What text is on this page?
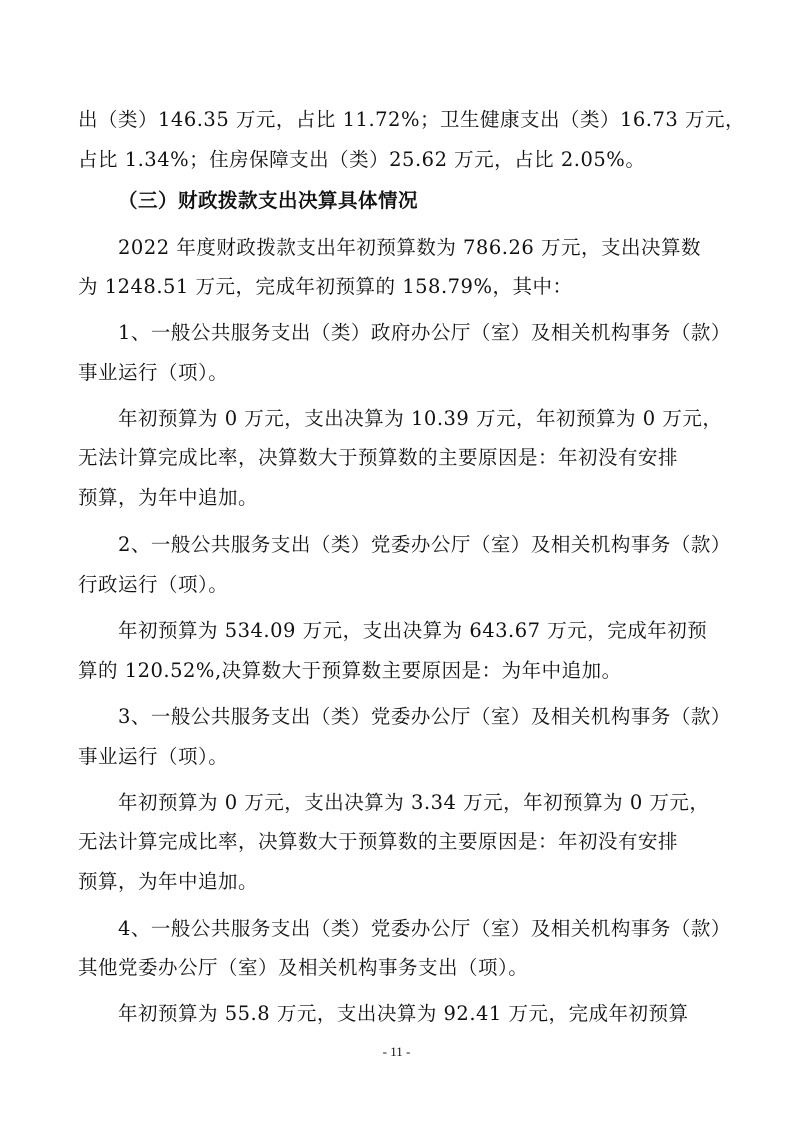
出（类）146.35 万元，占比 11.72%；卫生健康支出（类）16.73 万元，
占比 1.34%；住房保障支出（类）25.62 万元，占比 2.05%。
（三）财政拨款支出决算具体情况
2022 年度财政拨款支出年初预算数为 786.26 万元，支出决算数
为 1248.51 万元，完成年初预算的 158.79%，其中：
1、一般公共服务支出（类）政府办公厅（室）及相关机构事务（款）
事业运行（项）。
年初预算为 0 万元，支出决算为 10.39 万元，年初预算为 0 万元，
无法计算完成比率，决算数大于预算数的主要原因是：年初没有安排
预算，为年中追加。
2、一般公共服务支出（类）党委办公厅（室）及相关机构事务（款）
行政运行（项）。
年初预算为 534.09 万元，支出决算为 643.67 万元，完成年初预
算的 120.52%,决算数大于预算数主要原因是：为年中追加。
3、一般公共服务支出（类）党委办公厅（室）及相关机构事务（款）
事业运行（项）。
年初预算为 0 万元，支出决算为 3.34 万元，年初预算为 0 万元，
无法计算完成比率，决算数大于预算数的主要原因是：年初没有安排
预算，为年中追加。
4、一般公共服务支出（类）党委办公厅（室）及相关机构事务（款）
其他党委办公厅（室）及相关机构事务支出（项）。
年初预算为 55.8 万元，支出决算为 92.41 万元，完成年初预算
- 11 -
